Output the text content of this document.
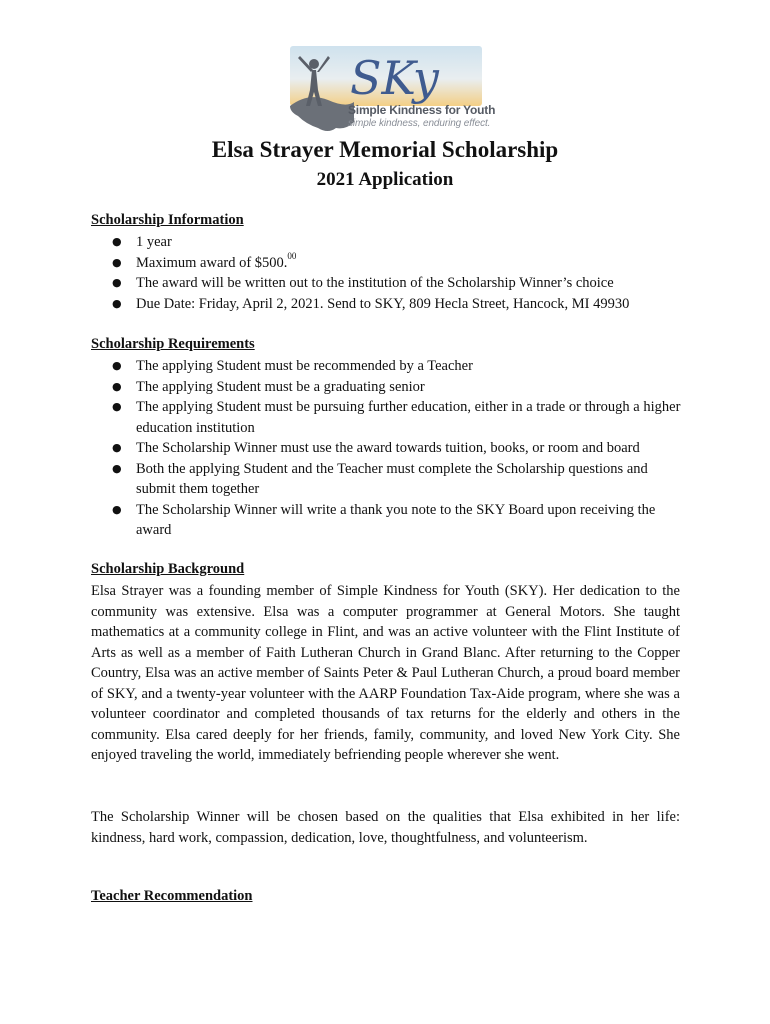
SKy
Simple Kindness for Youth
simple kindness, enduring effect.
Elsa Strayer Memorial Scholarship
2021 Application
Scholarship Information
● 1 year
● Maximum award of $500.00
● The award will be written out to the institution of the Scholarship Winner’s choice
● Due Date: Friday, April 2, 2021. Send to SKY, 809 Hecla Street, Hancock, MI 49930
Scholarship Requirements
● The applying Student must be recommended by a Teacher
● The applying Student must be a graduating senior
● The applying Student must be pursuing further education, either in a trade or through a higher education institution
● The Scholarship Winner must use the award towards tuition, books, or room and board
● Both the applying Student and the Teacher must complete the Scholarship questions and submit them together
● The Scholarship Winner will write a thank you note to the SKY Board upon receiving the award
Scholarship Background

Elsa Strayer was a founding member of Simple Kindness for Youth (SKY). Her dedication to the community was extensive. Elsa was a computer programmer at General Motors. She taught mathematics at a community college in Flint, and was an active volunteer with the Flint Institute of Arts as well as a member of Faith Lutheran Church in Grand Blanc. After returning to the Copper Country, Elsa was an active member of Saints Peter & Paul Lutheran Church, a proud board member of SKY, and a twenty-year volunteer with the AARP Foundation Tax-Aide program, where she was a volunteer coordinator and completed thousands of tax returns for the elderly and others in the community. Elsa cared deeply for her friends, family, community, and loved New York City. She enjoyed traveling the world, immediately befriending people wherever she went.

The Scholarship Winner will be chosen based on the qualities that Elsa exhibited in her life: kindness, hard work, compassion, dedication, love, thoughtfulness, and volunteerism.

Teacher Recommendation
